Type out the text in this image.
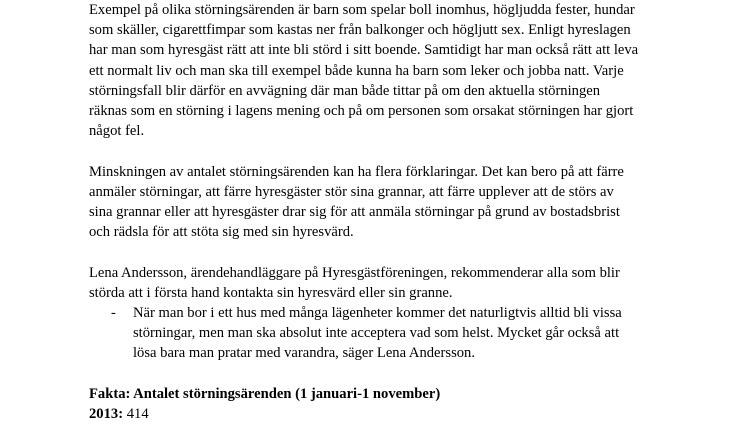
Exempel på olika störningsärenden är barn som spelar boll inomhus, högljudda fester, hundar
som skäller, cigarettfimpar som kastas ner från balkonger och högljutt sex. Enligt hyreslagen
har man som hyresgäst rätt att inte bli störd i sitt boende. Samtidigt har man också rätt att leva
ett normalt liv och man ska till exempel både kunna ha barn som leker och jobba natt. Varje
störningsfall blir därför en avvägning där man både tittar på om den aktuella störningen
räknas som en störning i lagens mening och på om personen som orsakat störningen har gjort
något fel.

Minskningen av antalet störningsärenden kan ha flera förklaringar. Det kan bero på att färre
anmäler störningar, att färre hyresgäster stör sina grannar, att färre upplever att de störs av
sina grannar eller att hyresgäster drar sig för att anmäla störningar på grund av bostadsbrist
och rädsla för att stöta sig med sin hyresvärd.

Lena Andersson, ärendehandläggare på Hyresgästföreningen, rekommenderar alla som blir
störda att i första hand kontakta sin hyresvärd eller sin granne.

- När man bor i ett hus med många lägenheter kommer det naturligtvis alltid bli vissa
störningar, men man ska absolut inte acceptera vad som helst. Mycket går också att
lösa bara man pratar med varandra, säger Lena Andersson.

Fakta: Antalet störningsärenden (1 januari-1 november)
2013: 414
